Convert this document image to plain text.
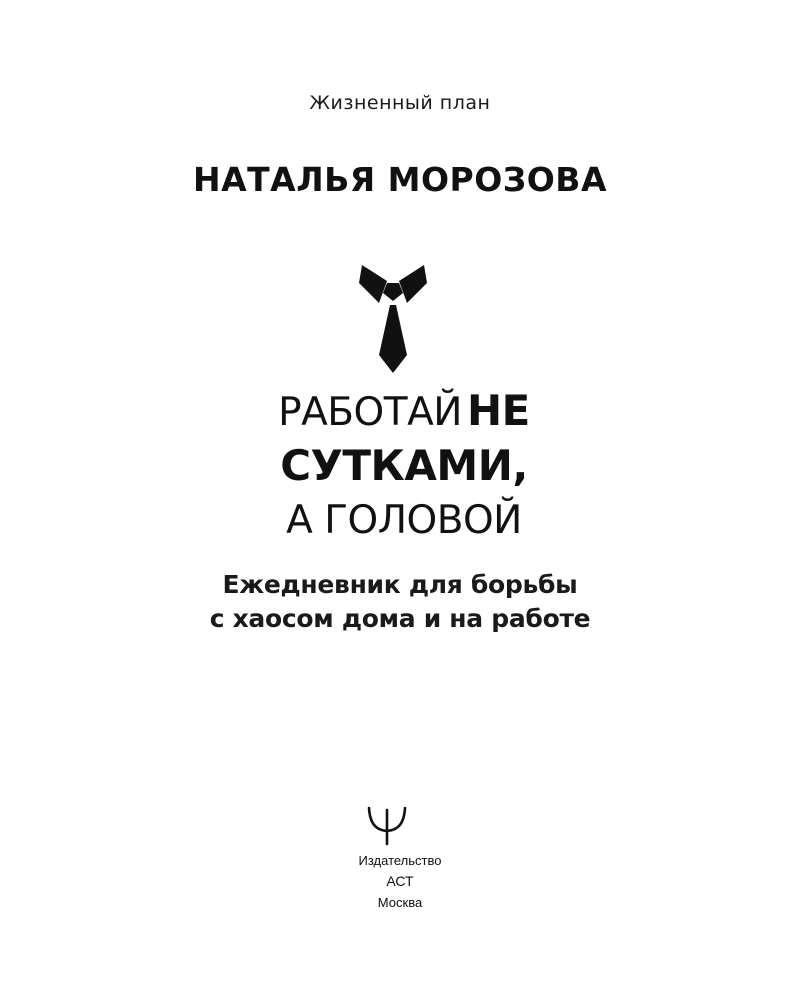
Жизненный план
НАТАЛЬЯ МОРОЗОВА
РАБОТАЙ НЕ
СУТКАМИ,
А ГОЛОВОЙ
Ежедневник для борьбы
с хаосом дома и на работе
Издательство
АСТ
Москва
